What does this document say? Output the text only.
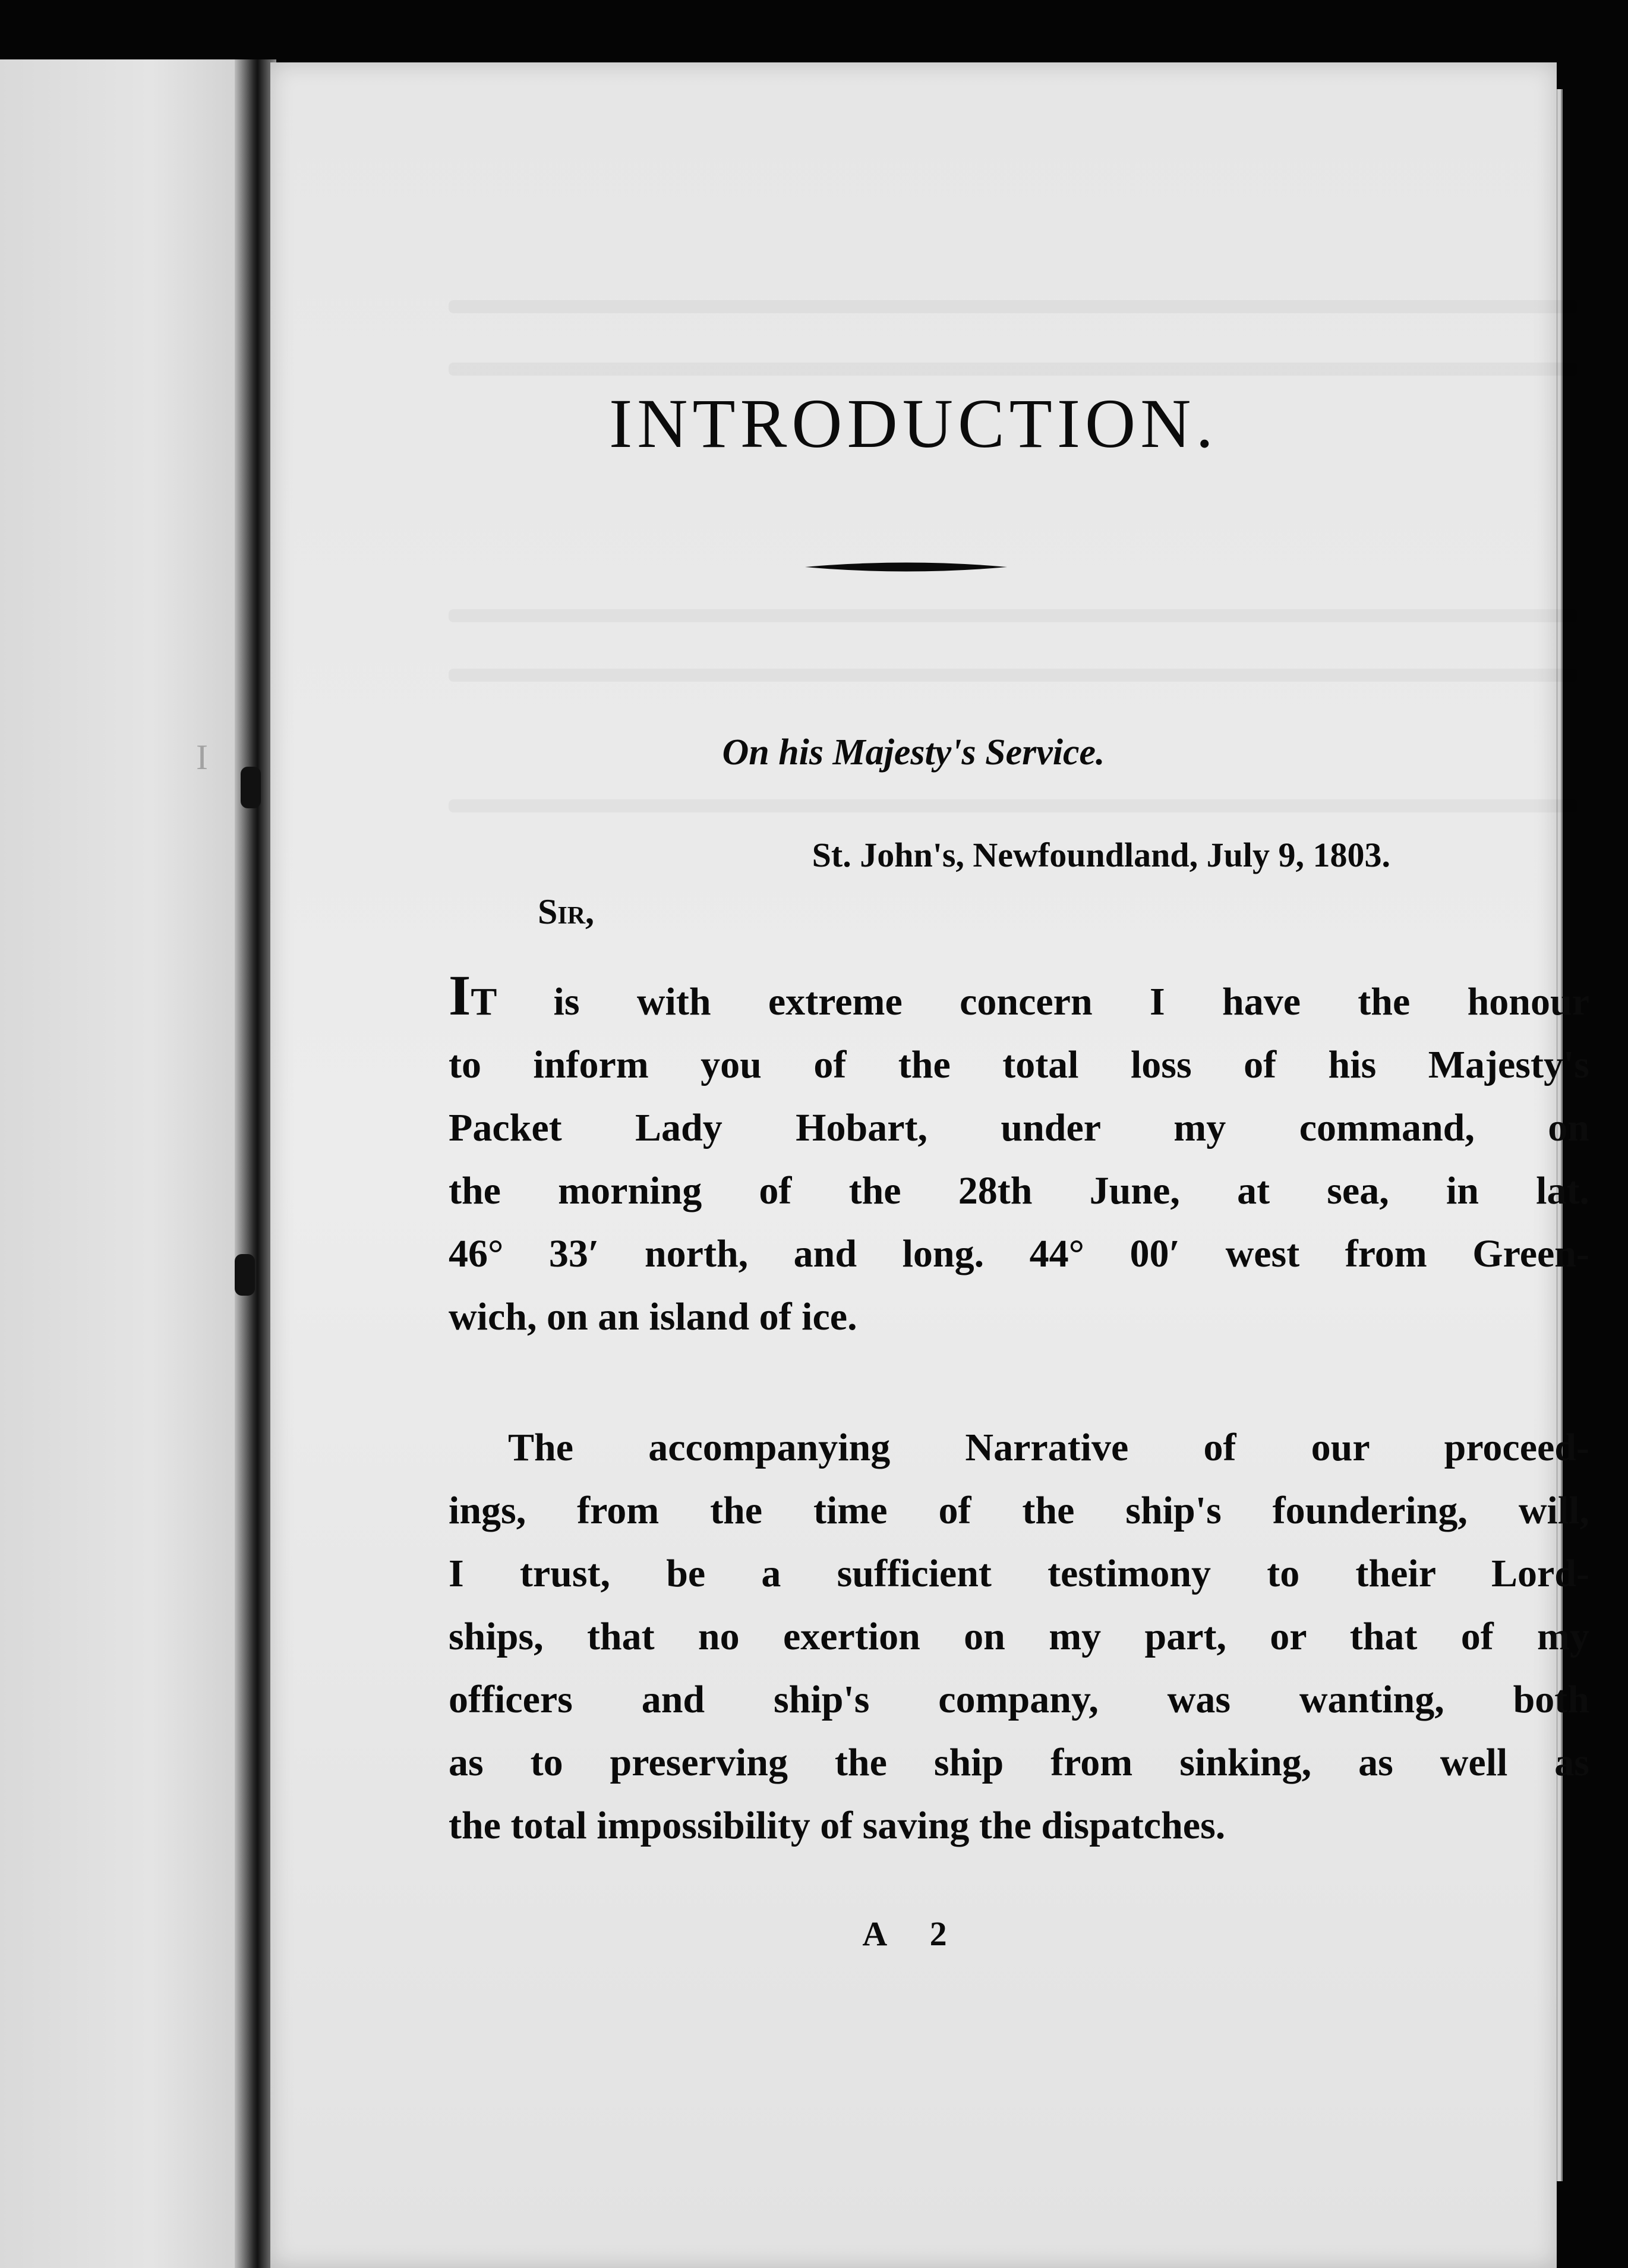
I
INTRODUCTION.
On his Majesty's Service.
St. John's, Newfoundland, July 9, 1803.
Sir,
IT is with extreme concern I have the honour
to inform you of the total loss of his Majesty's
Packet Lady Hobart, under my command, on
the morning of the 28th June, at sea, in lat.
46° 33′ north, and long. 44° 00′ west from Green-
wich, on an island of ice.
The accompanying Narrative of our proceed-
ings, from the time of the ship's foundering, will,
I trust, be a sufficient testimony to their Lord-
ships, that no exertion on my part, or that of my
officers and ship's company, was wanting, both
as to preserving the ship from sinking, as well as
the total impossibility of saving the dispatches.
A 2
